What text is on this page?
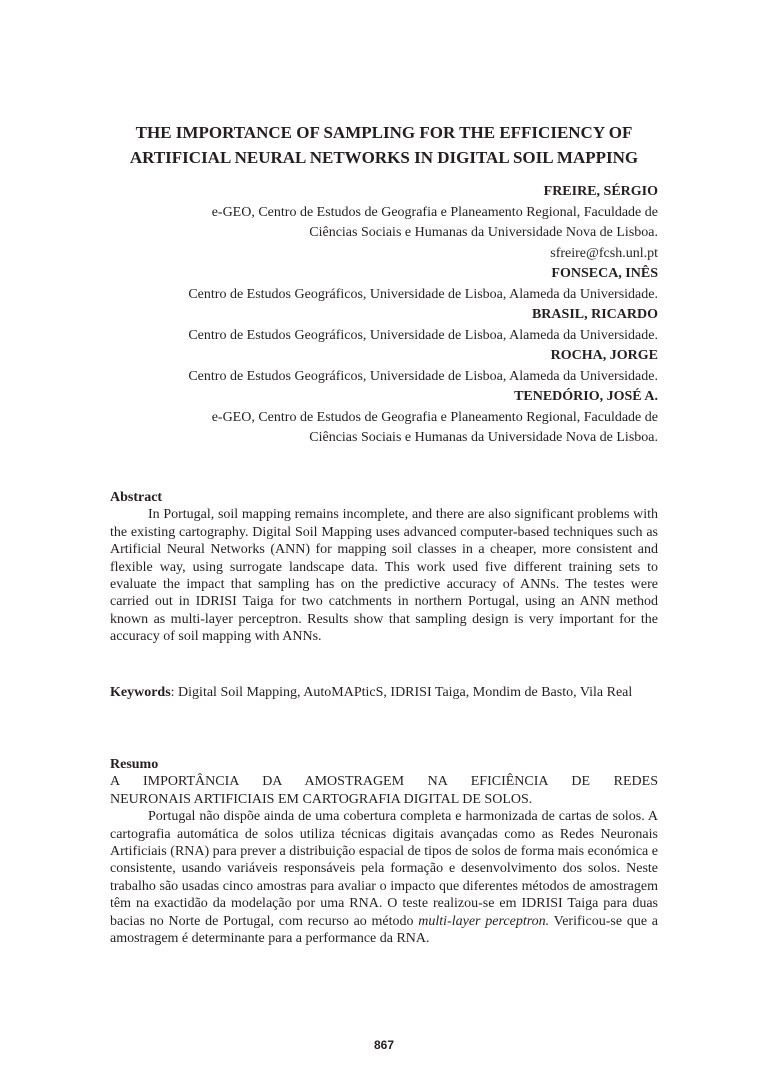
THE IMPORTANCE OF SAMPLING FOR THE EFFICIENCY OF
ARTIFICIAL NEURAL NETWORKS IN DIGITAL SOIL MAPPING
FREIRE, SÉRGIO
e-GEO, Centro de Estudos de Geografia e Planeamento Regional, Faculdade de
Ciências Sociais e Humanas da Universidade Nova de Lisboa.
sfreire@fcsh.unl.pt
FONSECA, INÊS
Centro de Estudos Geográficos, Universidade de Lisboa, Alameda da Universidade.
BRASIL, RICARDO
Centro de Estudos Geográficos, Universidade de Lisboa, Alameda da Universidade.
ROCHA, JORGE
Centro de Estudos Geográficos, Universidade de Lisboa, Alameda da Universidade.
TENEDÓRIO, JOSÉ A.
e-GEO, Centro de Estudos de Geografia e Planeamento Regional, Faculdade de
Ciências Sociais e Humanas da Universidade Nova de Lisboa.
Abstract

In Portugal, soil mapping remains incomplete, and there are also significant problems with the existing cartography. Digital Soil Mapping uses advanced computer-based techniques such as Artificial Neural Networks (ANN) for mapping soil classes in a cheaper, more consistent and flexible way, using surrogate landscape data. This work used five different training sets to evaluate the impact that sampling has on the predictive accuracy of ANNs. The testes were carried out in IDRISI Taiga for two catchments in northern Portugal, using an ANN method known as multi-layer perceptron. Results show that sampling design is very important for the accuracy of soil mapping with ANNs.

Keywords: Digital Soil Mapping, AutoMAPticS, IDRISI Taiga, Mondim de Basto, Vila Real
Resumo

A IMPORTÂNCIA DA AMOSTRAGEM NA EFICIÊNCIA DE REDES

NEURONAIS ARTIFICIAIS EM CARTOGRAFIA DIGITAL DE SOLOS.

Portugal não dispõe ainda de uma cobertura completa e harmonizada de cartas de solos. A cartografia automática de solos utiliza técnicas digitais avançadas como as Redes Neuronais Artificiais (RNA) para prever a distribuição espacial de tipos de solos de forma mais económica e consistente, usando variáveis responsáveis pela formação e desenvolvimento dos solos. Neste trabalho são usadas cinco amostras para avaliar o impacto que diferentes métodos de amostragem têm na exactidão da modelação por uma RNA. O teste realizou-se em IDRISI Taiga para duas bacias no Norte de Portugal, com recurso ao método multi-layer perceptron. Verificou-se que a amostragem é determinante para a performance da RNA.

867
